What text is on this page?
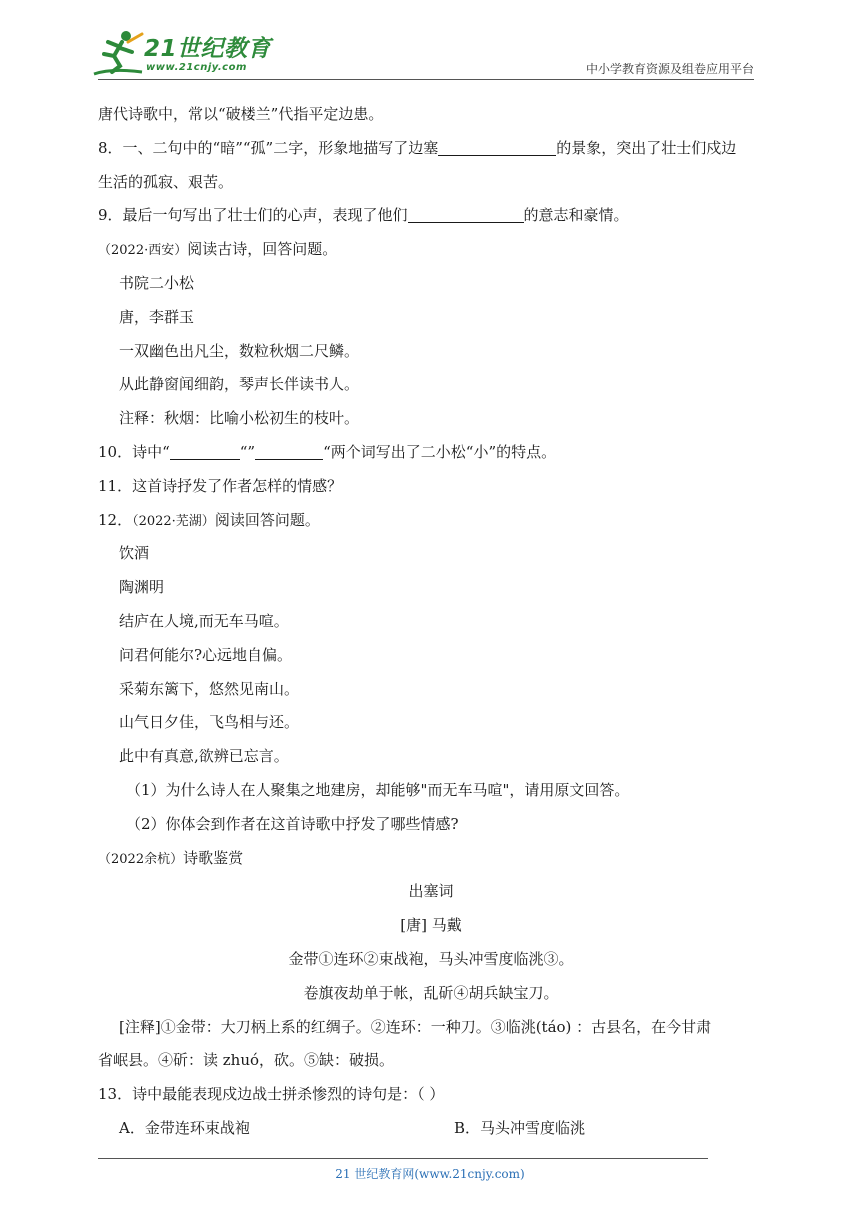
21世纪教育
www.21cnjy.com	中小学教育资源及组卷应用平台
唐代诗歌中，常以“破楼兰”代指平定边患。
8．一、二句中的“暗”“孤”二字，形象地描写了边塞	的景象，突出了壮士们戍边
生活的孤寂、艰苦。
9．最后一句写出了壮士们的心声，表现了他们	的意志和豪情。
（2022·西安）阅读古诗，回答问题。
书院二小松
唐，李群玉
一双幽色出凡尘，数粒秋烟二尺鳞。
从此静窗闻细韵，琴声长伴读书人。
注释：秋烟：比喻小松初生的枝叶。
10．诗中“	“”	“两个词写出了二小松“小”的特点。
11．这首诗抒发了作者怎样的情感？
12．（2022·芜湖）阅读回答问题。
饮酒
陶渊明
结庐在人境,而无车马喧。
问君何能尔?心远地自偏。
采菊东篱下，悠然见南山。
山气日夕佳，飞鸟相与还。
此中有真意,欲辨已忘言。
（1）为什么诗人在人聚集之地建房，却能够"而无车马喧"，请用原文回答。
（2）你体会到作者在这首诗歌中抒发了哪些情感?
（2022余杭）诗歌鉴赏
出塞词
[唐] 马戴
金带①连环②束战袍，马头冲雪度临洮③。
卷旗夜劫单于帐，乱斫④胡兵缺宝刀。
[注释]①金带：大刀柄上系的红绸子。②连环：一种刀。③临洮(táo) ：古县名，在今甘肃
省岷县。④斫：读 zhuó，砍。⑤缺：破损。
13．诗中最能表现戍边战士拼杀惨烈的诗句是：（ ）
A．金带连环束战袍	B．马头冲雪度临洮
21 世纪教育网(www.21cnjy.com)
